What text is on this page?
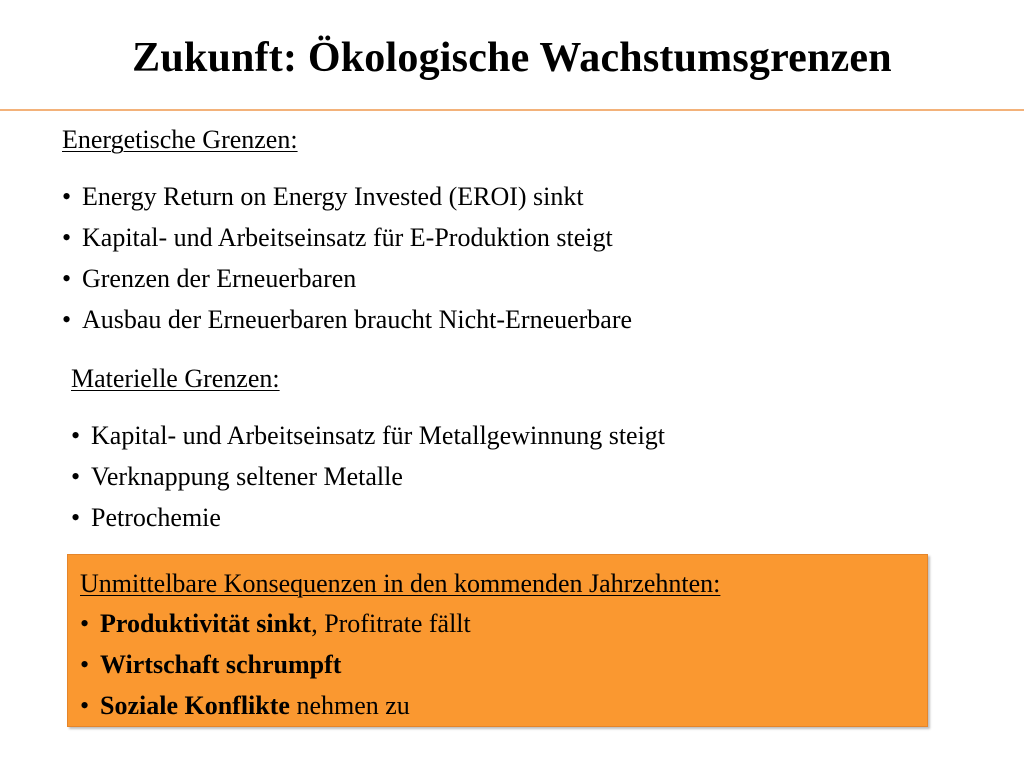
Zukunft: Ökologische Wachstumsgrenzen
Energetische Grenzen:
• Energy Return on Energy Invested (EROI) sinkt
• Kapital- und Arbeitseinsatz für E-Produktion steigt
• Grenzen der Erneuerbaren
• Ausbau der Erneuerbaren braucht Nicht-Erneuerbare
Materielle Grenzen:
• Kapital- und Arbeitseinsatz für Metallgewinnung steigt
• Verknappung seltener Metalle
• Petrochemie
Unmittelbare Konsequenzen in den kommenden Jahrzehnten:
• Produktivität sinkt, Profitrate fällt
• Wirtschaft schrumpft
• Soziale Konflikte nehmen zu
